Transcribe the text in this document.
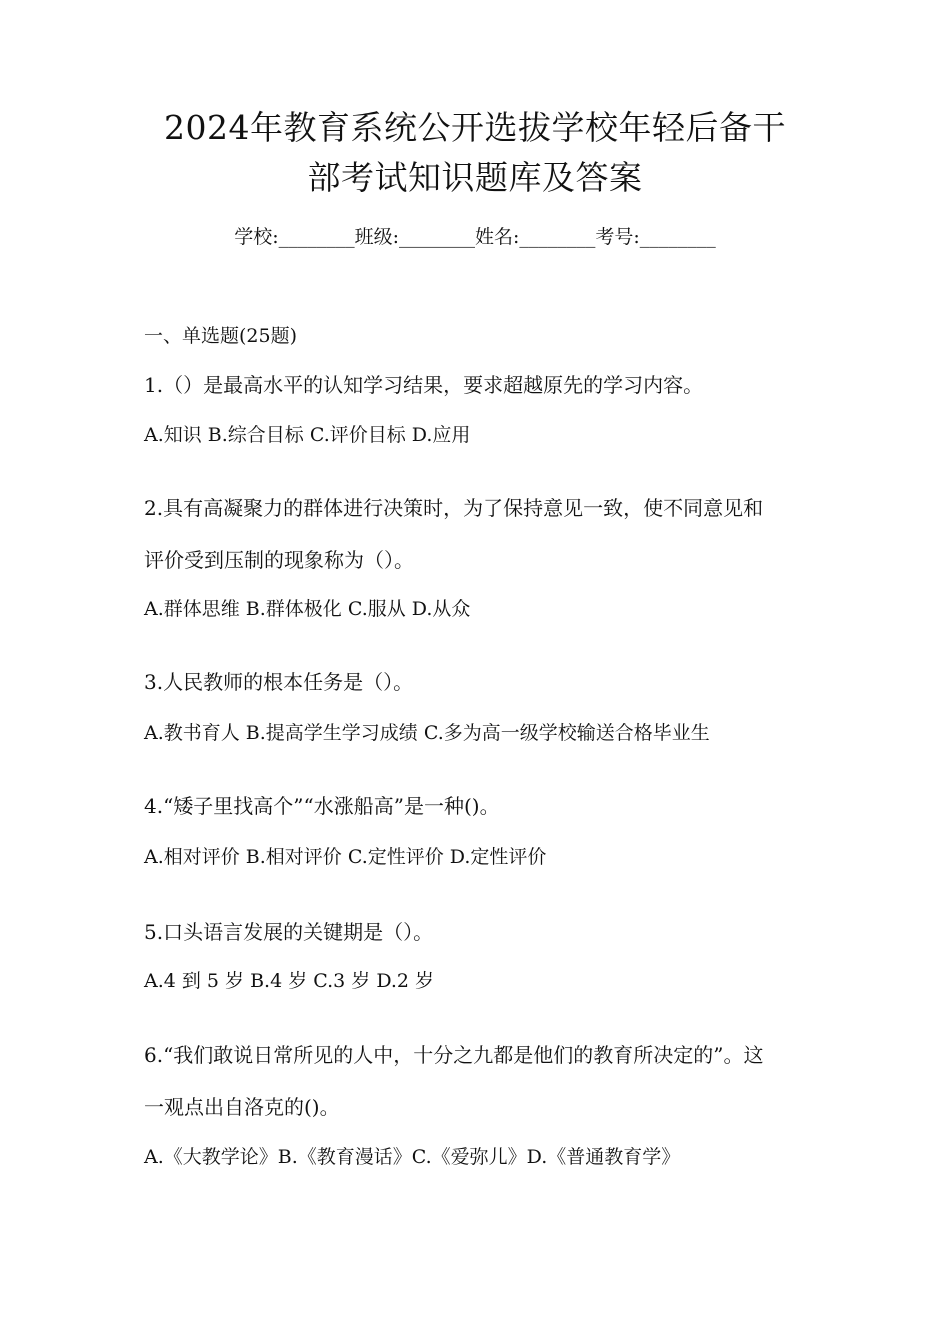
2024年教育系统公开选拔学校年轻后备干
部考试知识题库及答案
学校:________班级:________姓名:________考号:________
一、单选题(25题)
1.（）是最高水平的认知学习结果，要求超越原先的学习内容。
A.知识 B.综合目标 C.评价目标 D.应用
2.具有高凝聚力的群体进行决策时，为了保持意见一致，使不同意见和
评价受到压制的现象称为（）。
A.群体思维 B.群体极化 C.服从 D.从众
3.人民教师的根本任务是（）。
A.教书育人 B.提高学生学习成绩 C.多为高一级学校输送合格毕业生
4.“矮子里找高个”“水涨船高”是一种()。
A.相对评价 B.相对评价 C.定性评价 D.定性评价
5.口头语言发展的关键期是（）。
A.4 到 5 岁 B.4 岁 C.3 岁 D.2 岁
6.“我们敢说日常所见的人中，十分之九都是他们的教育所决定的”。这
一观点出自洛克的()。
A.《大教学论》B.《教育漫话》C.《爱弥儿》D.《普通教育学》
